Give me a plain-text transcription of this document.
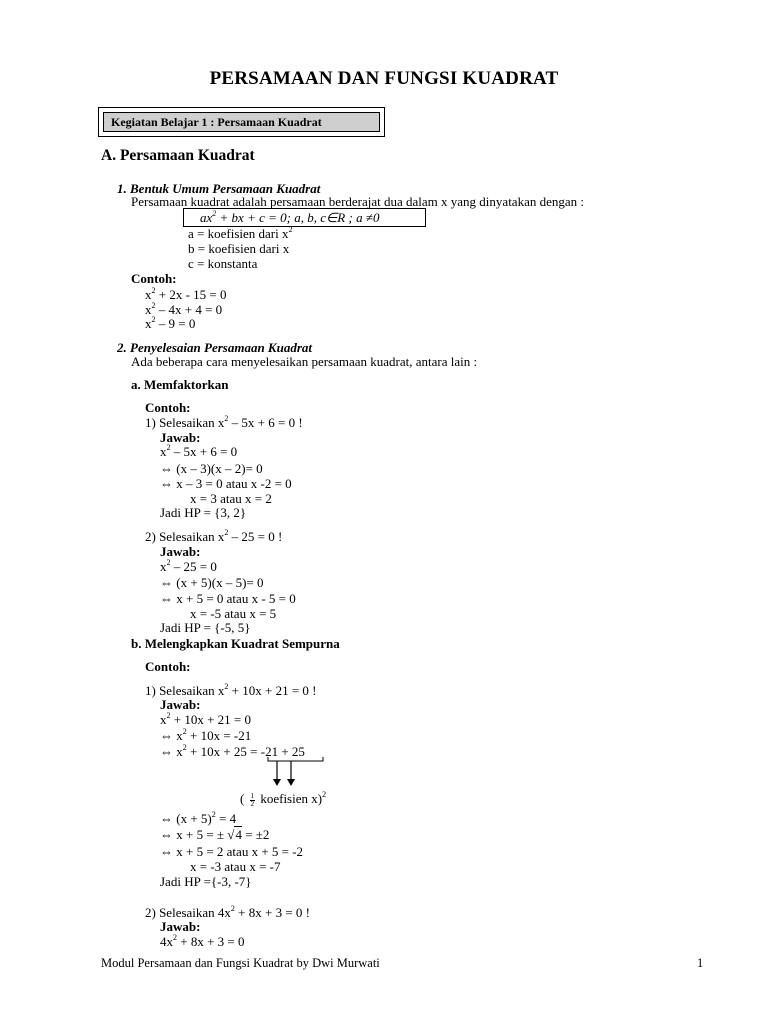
PERSAMAAN DAN FUNGSI KUADRAT
Kegiatan Belajar 1 : Persamaan Kuadrat
A. Persamaan Kuadrat
1. Bentuk Umum Persamaan Kuadrat
Persamaan kuadrat adalah persamaan berderajat dua dalam x yang dinyatakan dengan :
$ax^2$ + bx + c = 0; a, b, c∈R ; a ≠0
a = koefisien dari $x^2$
b = koefisien dari x
c = konstanta
Contoh:
$x^2 + 2x - 15 = 0$
$x^2 - 4x + 4 = 0$
$x^2 - 9 = 0$
2. Penyelesaian Persamaan Kuadrat
Ada beberapa cara menyelesaikan persamaan kuadrat, antara lain :
a. Memfaktorkan
Contoh:
1) Selesaikan $x^2 - 5x + 6 = 0$ !
Jawab:
$x^2 - 5x + 6 = 0$
⇔ (x – 3)(x – 2)= 0
⇔ x – 3 = 0 atau x -2 = 0
x = 3 atau x = 2
Jadi HP = {3, 2}
2) Selesaikan $x^2 - 25 = 0$ !
Jawab:
$x^2 - 25 = 0$
⇔ (x + 5)(x – 5)= 0
⇔ x + 5 = 0 atau x - 5 = 0
x = -5 atau x = 5
Jadi HP = {-5, 5}
b. Melengkapkan Kuadrat Sempurna
Contoh:
1) Selesaikan $x^2 + 10x + 21 = 0$ !
Jawab:
$x^2 + 10x + 21 = 0$
⇔ $x^2 + 10x = -21$
⇔ $x^2 + 10x + 25 = -21 + 25$
( $\frac{1}{2}$ koefisien x)$^2$
⇔ $(x + 5)^2 = 4$
⇔ x + 5 = ± √4 = ±2
⇔ x + 5 = 2 atau x + 5 = -2
x = -3 atau x = -7
Jadi HP ={-3, -7}
2) Selesaikan $4x^2 + 8x + 3 = 0$ !
Jawab:
$4x^2 + 8x + 3 = 0$
Modul Persamaan dan Fungsi Kuadrat by Dwi Murwati	1
